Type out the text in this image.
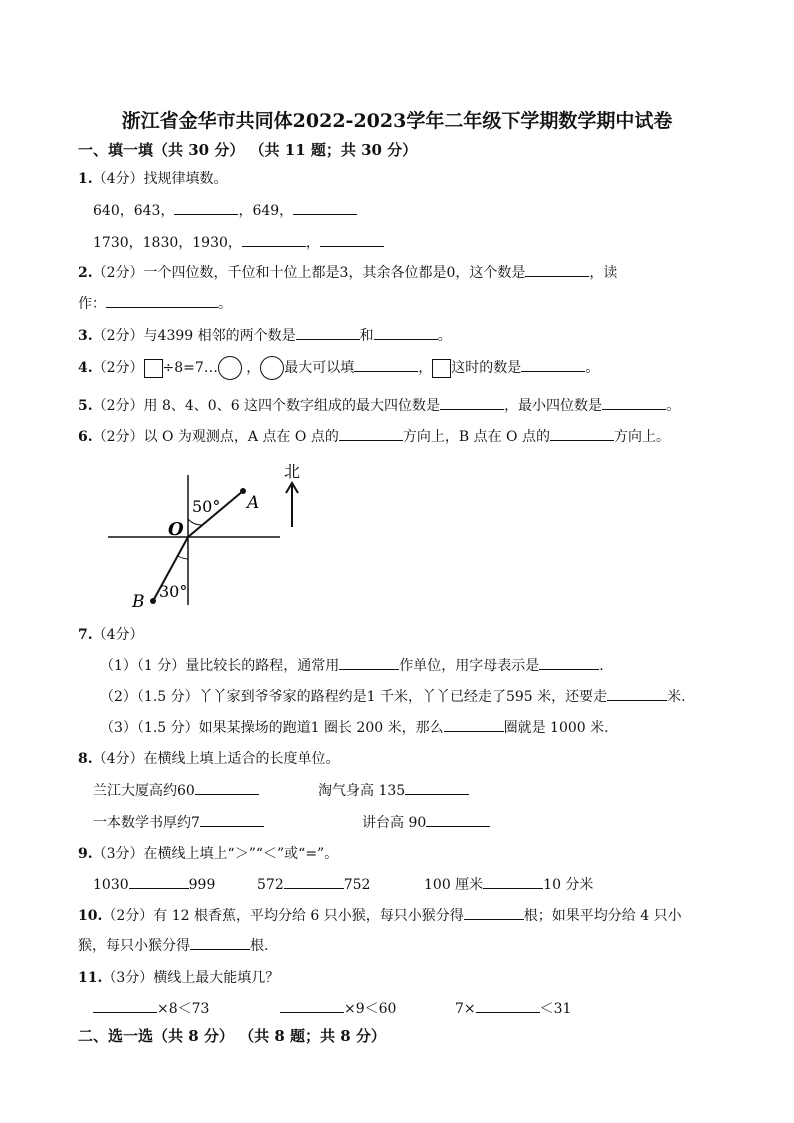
浙江省金华市共同体2022-2023学年二年级下学期数学期中试卷
一、填一填（共 30 分） （共 11 题；共 30 分）
1.（4分）找规律填数。
640，643，	，649，
1730，1830，1930，	，
2.（2分）一个四位数，千位和十位上都是3，其余各位都是0，这个数是	，读
作：	。
3.（2分）与4399 相邻的两个数是	和	。
4.（2分） ÷8=7… ， 最大可以填	， 这时的数是	。
5.（2分）用 8、4、0、6 这四个数字组成的最大四位数是	，最小四位数是	。
6.（2分）以 O 为观测点，A 点在 O 点的	方向上，B 点在 O 点的	方向上。
50°
30°
O
A
B
北
7.（4分）
（1）（1 分）量比较长的路程，通常用	作单位，用字母表示是	.
（2）（1.5 分）丫丫家到爷爷家的路程约是1 千米，丫丫已经走了595 米，还要走	米.
（3）（1.5 分）如果某操场的跑道1 圈长 200 米，那么	圈就是 1000 米.
8.（4分）在横线上填上适合的长度单位。
兰江大厦高约60	淘气身高 135
一本数学书厚约7	讲台高 90
9.（3分）在横线上填上“＞”“＜”或“=”。
1030	999	572	752	100 厘米	10 分米
10.（2分）有 12 根香蕉，平均分给 6 只小猴，每只小猴分得	根；如果平均分给 4 只小
猴，每只小猴分得	根.
11.（3分）横线上最大能填几？
×8＜73	×9＜60	7×	＜31
二、选一选（共 8 分） （共 8 题；共 8 分）
